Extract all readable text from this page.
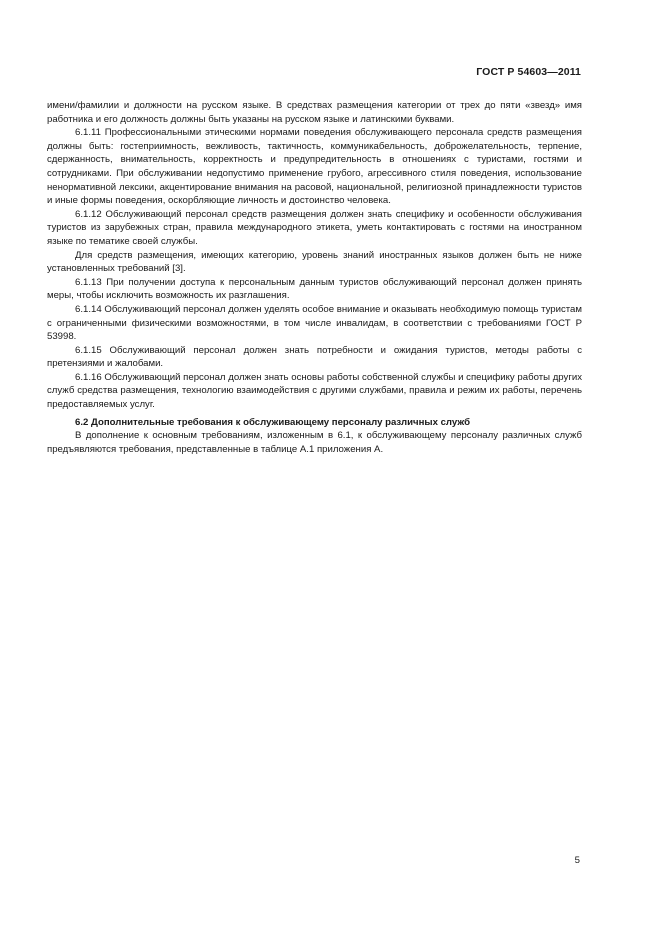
ГОСТ Р 54603—2011

имени/фамилии и должности на русском языке. В средствах размещения категории от трех до пяти «звезд» имя работника и его должность должны быть указаны на русском языке и латинскими буквами.

6.1.11 Профессиональными этическими нормами поведения обслуживающего персонала средств размещения должны быть: гостеприимность, вежливость, тактичность, коммуникабельность, доброжелательность, терпение, сдержанность, внимательность, корректность и предупредительность в отношениях с туристами, гостями и сотрудниками. При обслуживании недопустимо применение грубого, агрессивного стиля поведения, использование ненормативной лексики, акцентирование внимания на расовой, национальной, религиозной принадлежности туристов и иные формы поведения, оскорбляющие личность и достоинство человека.

6.1.12 Обслуживающий персонал средств размещения должен знать специфику и особенности обслуживания туристов из зарубежных стран, правила международного этикета, уметь контактировать с гостями на иностранном языке по тематике своей службы.

Для средств размещения, имеющих категорию, уровень знаний иностранных языков должен быть не ниже установленных требований [3].

6.1.13 При получении доступа к персональным данным туристов обслуживающий персонал должен принять меры, чтобы исключить возможность их разглашения.

6.1.14 Обслуживающий персонал должен уделять особое внимание и оказывать необходимую помощь туристам с ограниченными физическими возможностями, в том числе инвалидам, в соответствии с требованиями ГОСТ Р 53998.

6.1.15 Обслуживающий персонал должен знать потребности и ожидания туристов, методы работы с претензиями и жалобами.

6.1.16 Обслуживающий персонал должен знать основы работы собственной службы и специфику работы других служб средства размещения, технологию взаимодействия с другими службами, правила и режим их работы, перечень предоставляемых услуг.

6.2 Дополнительные требования к обслуживающему персоналу различных служб

В дополнение к основным требованиям, изложенным в 6.1, к обслуживающему персоналу различных служб предъявляются требования, представленные в таблице А.1 приложения А.

5
